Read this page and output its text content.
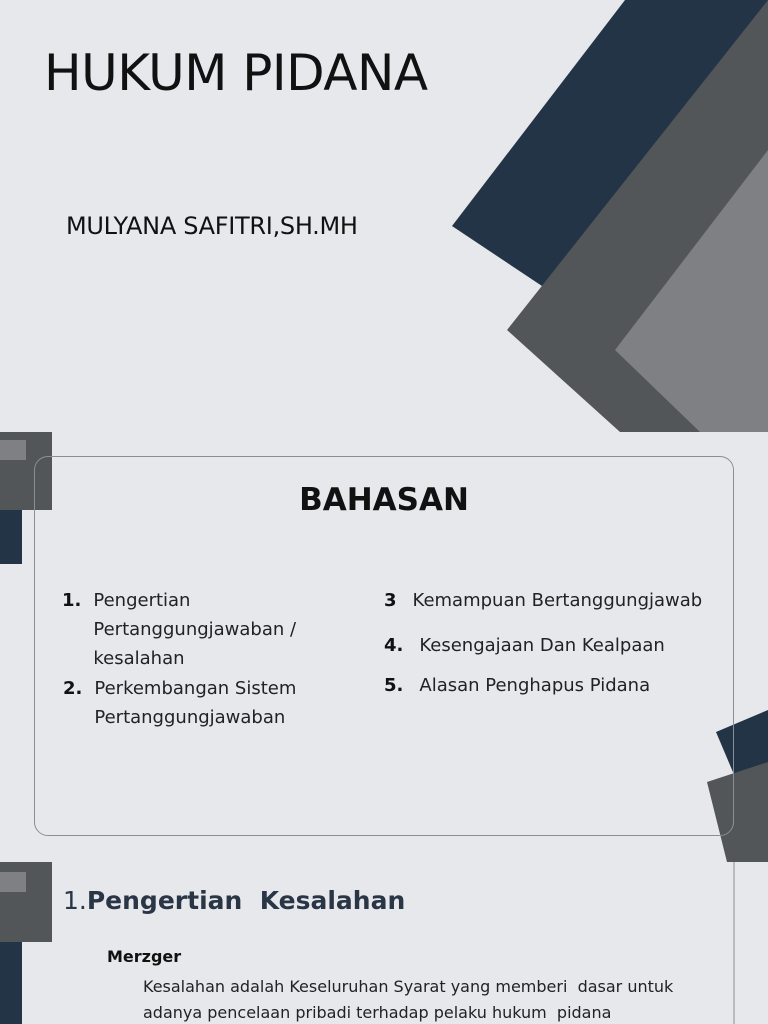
HUKUM PIDANA

MULYANA SAFITRI,SH.MH

BAHASAN
1. Pengertian Pertanggungjawaban / kesalahan
2. Perkembangan Sistem Pertanggungjawaban
3 Kemampuan Bertanggungjawab
4. Kesengajaan Dan Kealpaan
5. Alasan Penghapus Pidana
1.Pengertian  Kesalahan
Merzger

Kesalahan adalah Keseluruhan Syarat yang memberi  dasar untuk adanya pencelaan pribadi terhadap pelaku hukum  pidana
